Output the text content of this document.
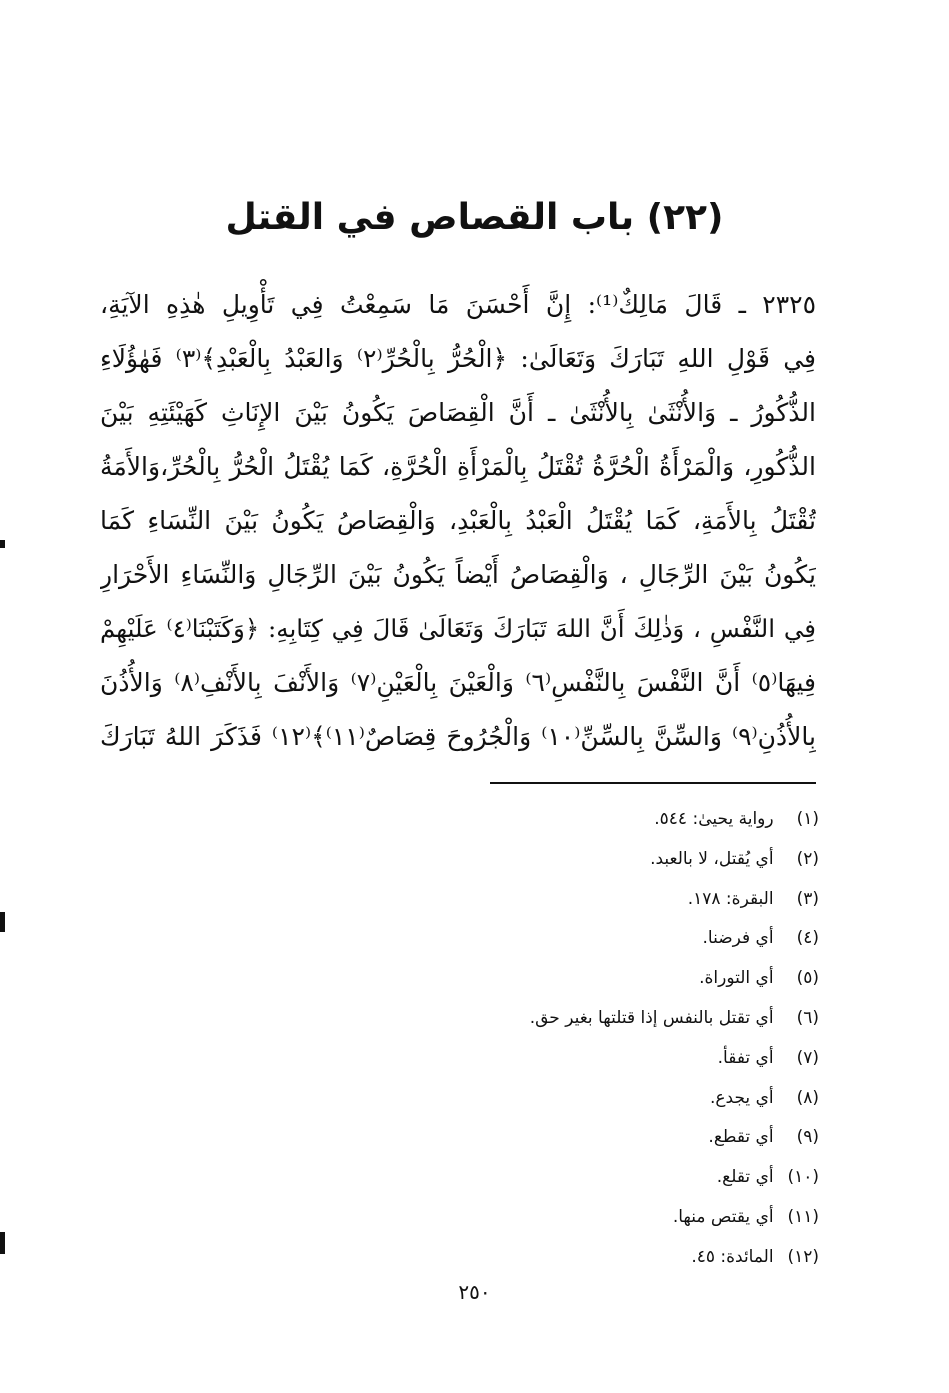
(٢٢) باب القصاص في القتل
٢٣٢٥ ـ قَالَ مَالِكٌ⁽¹⁾: إِنَّ أَحْسَنَ مَا سَمِعْتُ فِي تَأْوِيلِ هٰذِهِ الآيَةِ،
فِي قَوْلِ اللهِ تَبَارَكَ وَتَعَالَىٰ: ﴿الْحُرُّ بِالْحُرِّ⁽٢⁾ وَالعَبْدُ بِالْعَبْدِ﴾⁽٣⁾ فَهٰؤُلَاءِ
الذُّكُورُ ـ وَالأُنْثَىٰ بِالأُنْثَىٰ ـ أَنَّ الْقِصَاصَ يَكُونُ بَيْنَ الإِنَاثِ كَهَيْئَتِهِ بَيْنَ
الذُّكُورِ، وَالْمَرْأَةُ الْحُرَّةُ تُقْتَلُ بِالْمَرْأَةِ الْحُرَّةِ، كَمَا يُقْتَلُ الْحُرُّ بِالْحُرِّ،وَالأَمَةُ
تُقْتَلُ بِالأَمَةِ، كَمَا يُقْتَلُ الْعَبْدُ بِالْعَبْدِ، وَالْقِصَاصُ يَكُونُ بَيْنَ النِّسَاءِ كَمَا
يَكُونُ بَيْنَ الرِّجَالِ ، وَالْقِصَاصُ أَيْضاً يَكُونُ بَيْنَ الرِّجَالِ وَالنِّسَاءِ الأَحْرَارِ
فِي النَّفْسِ ، وَذٰلِكَ أَنَّ اللهَ تَبَارَكَ وَتَعَالَىٰ قَالَ فِي كِتَابِهِ: ﴿وَكَتَبْنَا⁽٤⁾ عَلَيْهِمْ
فِيهَا⁽٥⁾ أَنَّ النَّفْسَ بِالنَّفْسِ⁽٦⁾ وَالْعَيْنَ بِالْعَيْنِ⁽٧⁾ وَالأَنْفَ بِالأَنْفِ⁽٨⁾ وَالأُذُنَ
بِالأُذُنِ⁽٩⁾ وَالسِّنَّ بِالسِّنِّ⁽١٠⁾ وَالْجُرُوحَ قِصَاصٌ⁽١١⁾﴾⁽١٢⁾ فَذَكَرَ اللهُ تَبَارَكَ
(١) رواية يحيىٰ: ٥٤٤.
(٢) أي يُقتل، لا بالعبد.
(٣) البقرة: ١٧٨.
(٤) أي فرضنا.
(٥) أي التوراة.
(٦) أي تقتل بالنفس إذا قتلتها بغير حق.
(٧) أي تفقأ.
(٨) أي يجدع.
(٩) أي تقطع.
(١٠) أي تقلع.
(١١) أي يقتص منها.
(١٢) المائدة: ٤٥.
٢٥٠
